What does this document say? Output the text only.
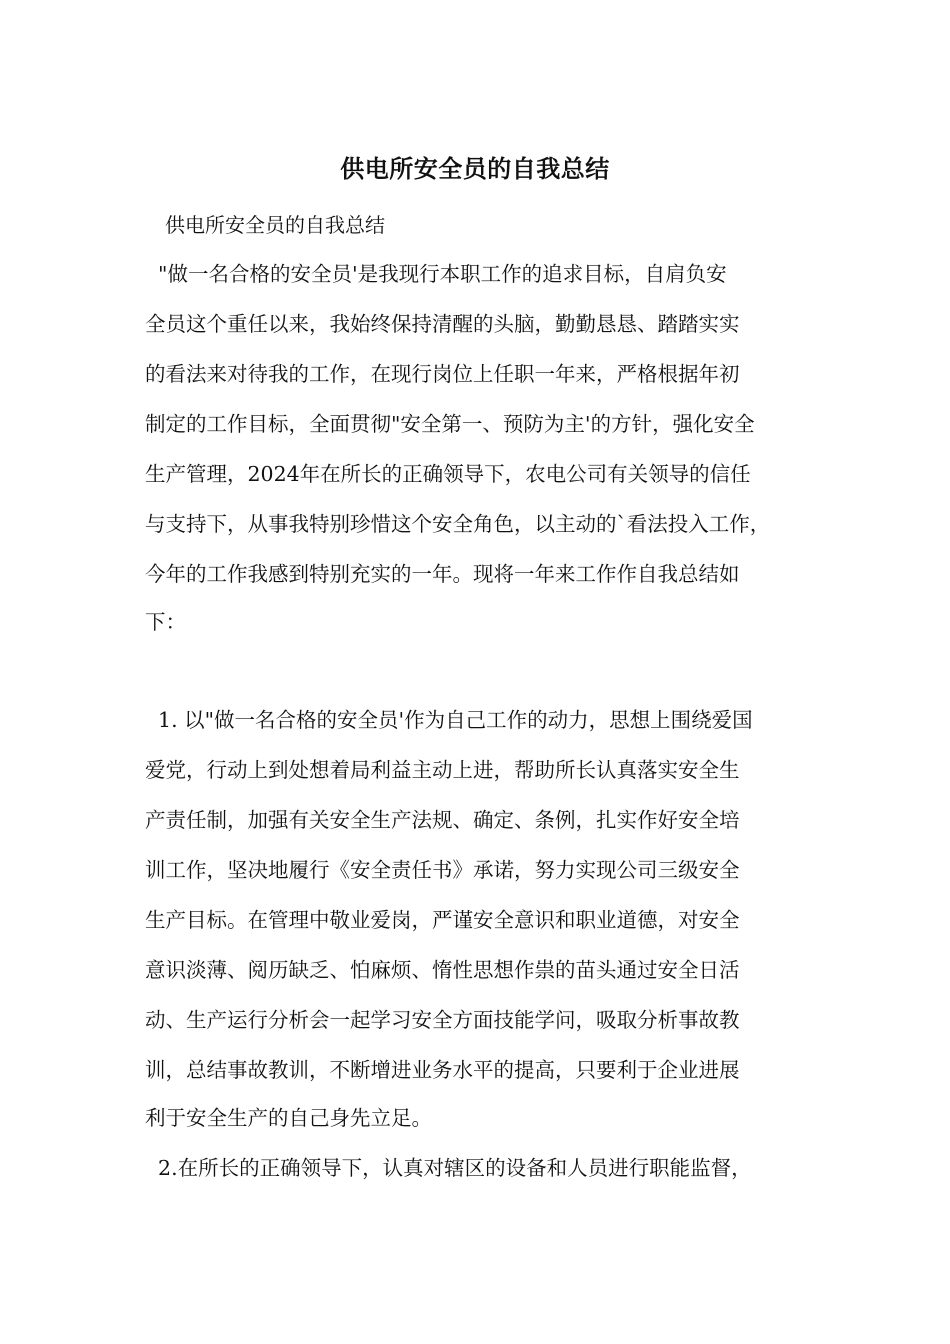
供电所安全员的自我总结

供电所安全员的自我总结

"做一名合格的安全员'是我现行本职工作的追求目标，自肩负安

全员这个重任以来，我始终保持清醒的头脑，勤勤恳恳、踏踏实实

的看法来对待我的工作，在现行岗位上任职一年来，严格根据年初

制定的工作目标，全面贯彻"安全第一、预防为主'的方针，强化安全

生产管理，2024年在所长的正确领导下，农电公司有关领导的信任

与支持下，从事我特别珍惜这个安全角色，以主动的`看法投入工作，

今年的工作我感到特别充实的一年。现将一年来工作作自我总结如

下：

1. 以"做一名合格的安全员'作为自己工作的动力，思想上围绕爱国

爱党，行动上到处想着局利益主动上进，帮助所长认真落实安全生

产责任制，加强有关安全生产法规、确定、条例，扎实作好安全培

训工作，坚决地履行《安全责任书》承诺，努力实现公司三级安全

生产目标。在管理中敬业爱岗，严谨安全意识和职业道德，对安全

意识淡薄、阅历缺乏、怕麻烦、惰性思想作祟的苗头通过安全日活

动、生产运行分析会一起学习安全方面技能学问，吸取分析事故教

训，总结事故教训，不断增进业务水平的提高，只要利于企业进展

利于安全生产的自己身先立足。

2.在所长的正确领导下，认真对辖区的设备和人员进行职能监督，
